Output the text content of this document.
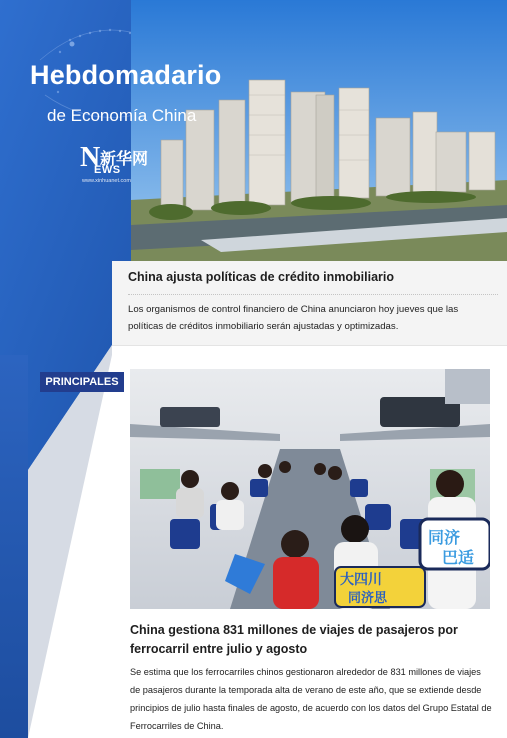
Hebdomadario
de Economía China
N 新华网
EWS
www.xinhuanet.com
China ajusta políticas de crédito inmobiliario
Los organismos de control financiero de China anunciaron hoy jueves que las políticas de créditos inmobiliario serán ajustadas y optimizadas.
PRINCIPALES
同济
巴适
大四川
同济思
China gestiona 831 millones de viajes de pasajeros por ferrocarril entre julio y agosto
Se estima que los ferrocarriles chinos gestionaron alrededor de 831 millones de viajes de pasajeros durante la temporada alta de verano de este año, que se extiende desde principios de julio hasta finales de agosto, de acuerdo con los datos del Grupo Estatal de Ferrocarriles de China.
